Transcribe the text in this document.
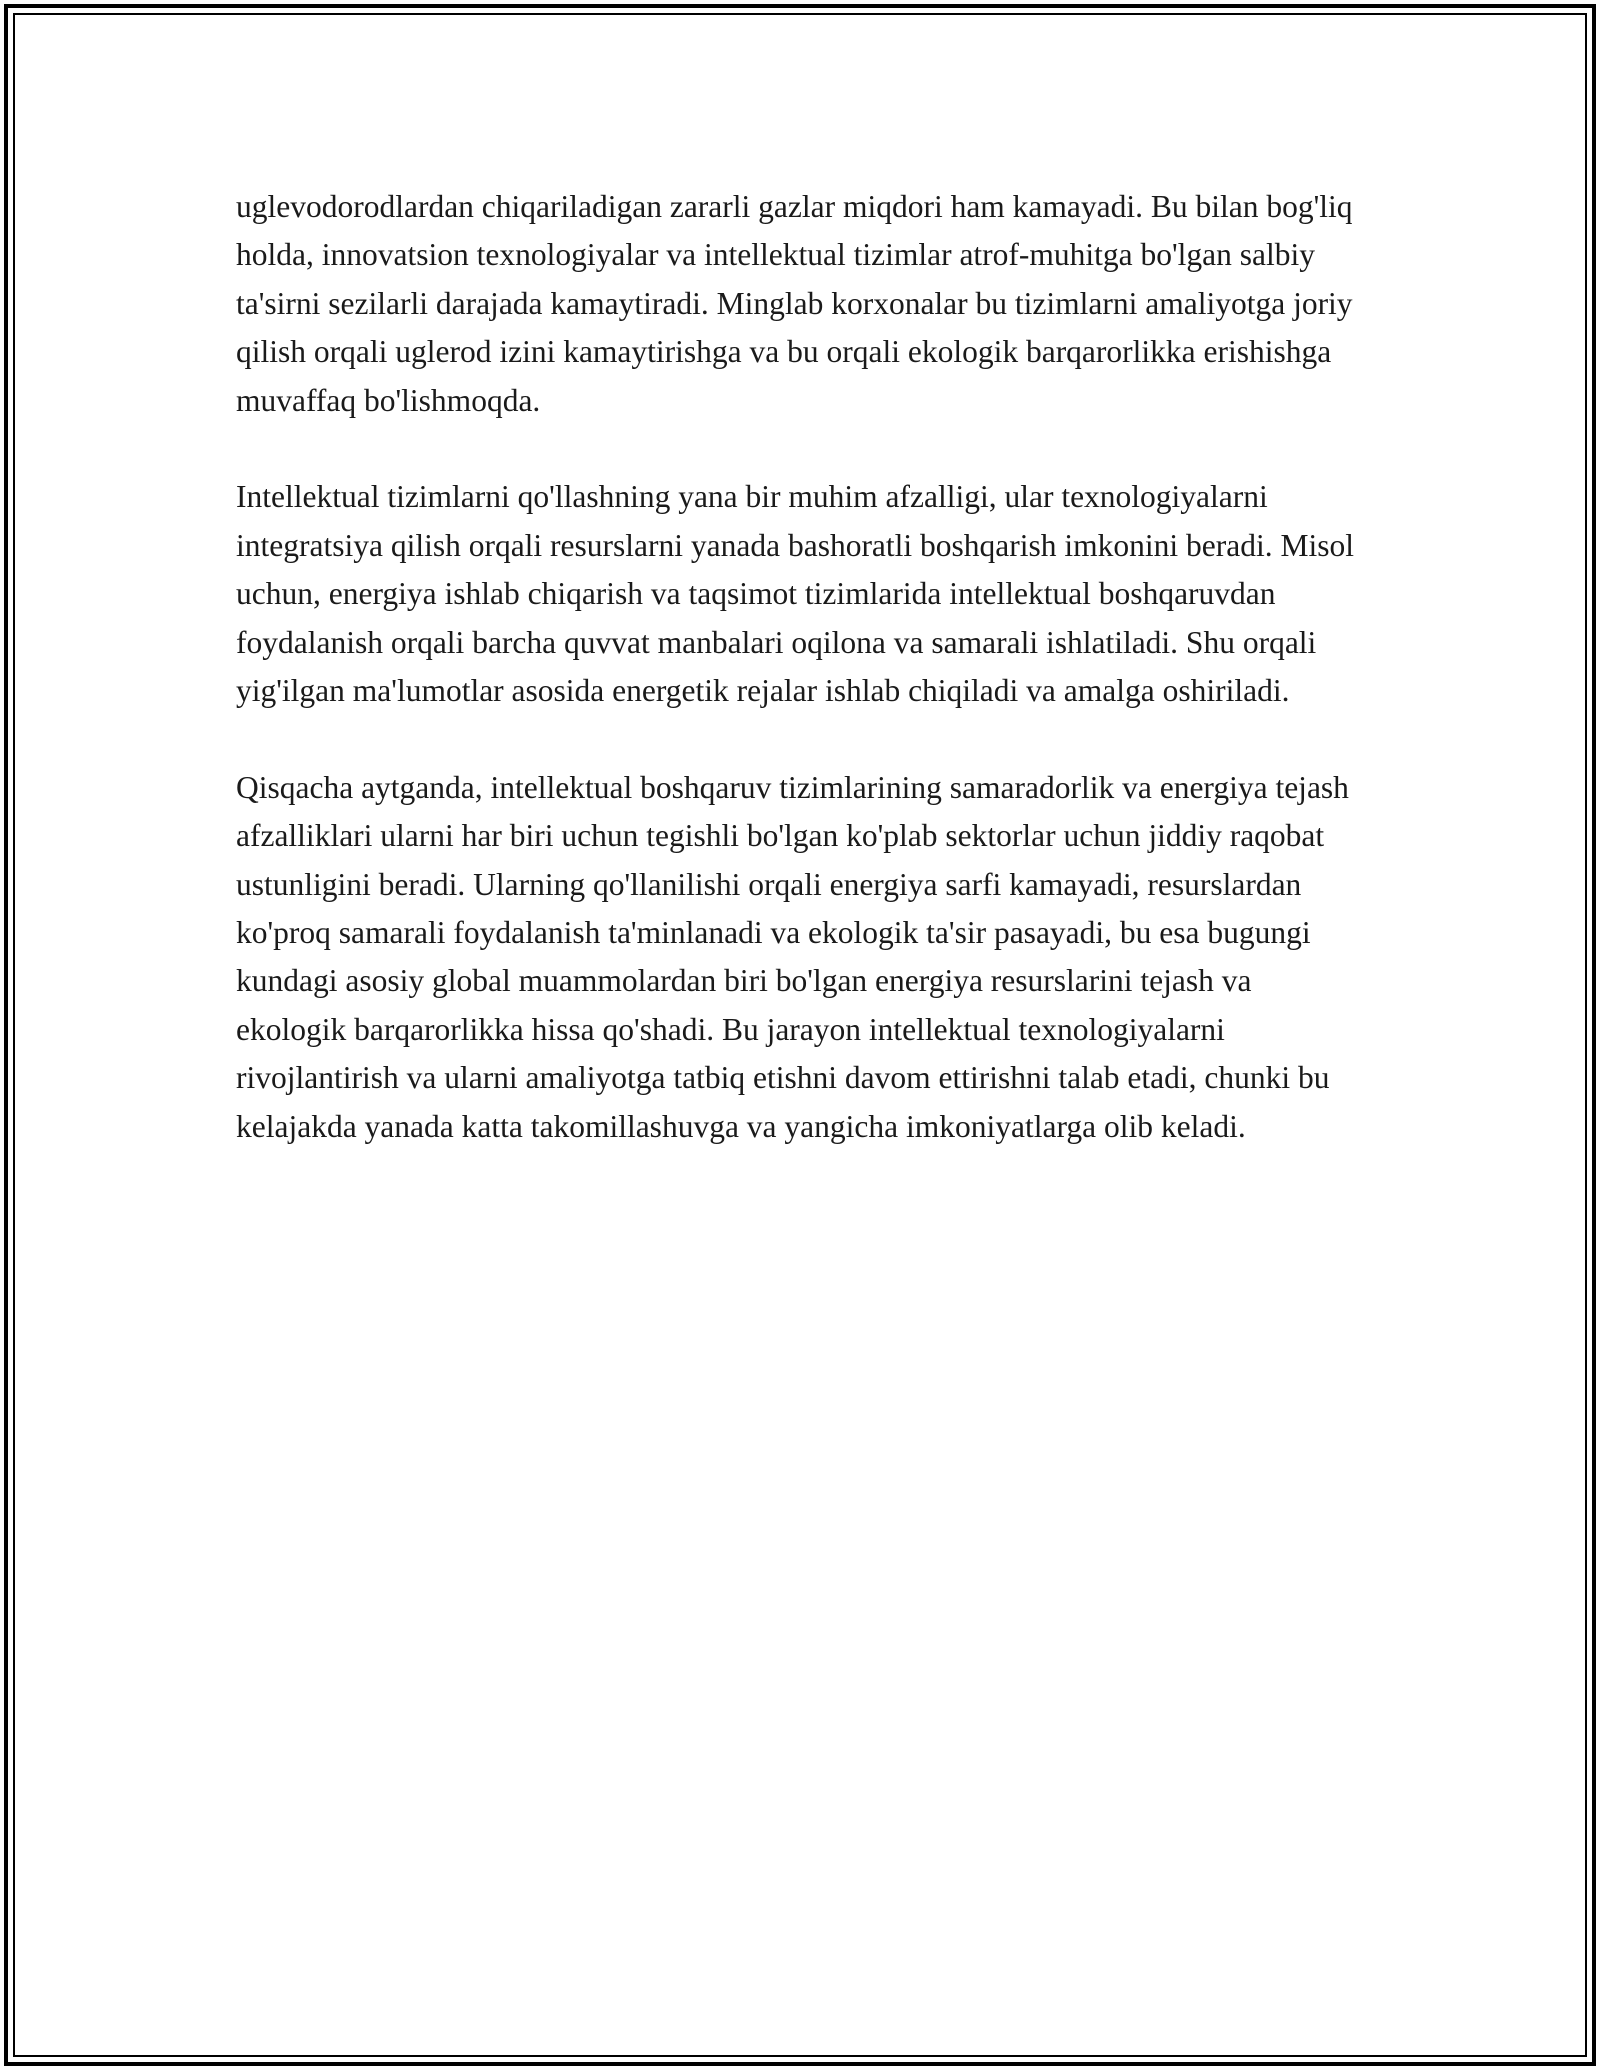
uglevodorodlardan chiqariladigan zararli gazlar miqdori ham kamayadi. Bu bilan bog'liq holda, innovatsion texnologiyalar va intellektual tizimlar atrof-muhitga bo'lgan salbiy ta'sirni sezilarli darajada kamaytiradi. Minglab korxonalar bu tizimlarni amaliyotga joriy qilish orqali uglerod izini kamaytirishga va bu orqali ekologik barqarorlikka erishishga muvaffaq bo'lishmoqda.

Intellektual tizimlarni qo'llashning yana bir muhim afzalligi, ular texnologiyalarni integratsiya qilish orqali resurslarni yanada bashoratli boshqarish imkonini beradi. Misol uchun, energiya ishlab chiqarish va taqsimot tizimlarida intellektual boshqaruvdan foydalanish orqali barcha quvvat manbalari oqilona va samarali ishlatiladi. Shu orqali yig'ilgan ma'lumotlar asosida energetik rejalar ishlab chiqiladi va amalga oshiriladi.

Qisqacha aytganda, intellektual boshqaruv tizimlarining samaradorlik va energiya tejash afzalliklari ularni har biri uchun tegishli bo'lgan ko'plab sektorlar uchun jiddiy raqobat ustunligini beradi. Ularning qo'llanilishi orqali energiya sarfi kamayadi, resurslardan ko'proq samarali foydalanish ta'minlanadi va ekologik ta'sir pasayadi, bu esa bugungi kundagi asosiy global muammolardan biri bo'lgan energiya resurslarini tejash va ekologik barqarorlikka hissa qo'shadi. Bu jarayon intellektual texnologiyalarni rivojlantirish va ularni amaliyotga tatbiq etishni davom ettirishni talab etadi, chunki bu kelajakda yanada katta takomillashuvga va yangicha imkoniyatlarga olib keladi.
